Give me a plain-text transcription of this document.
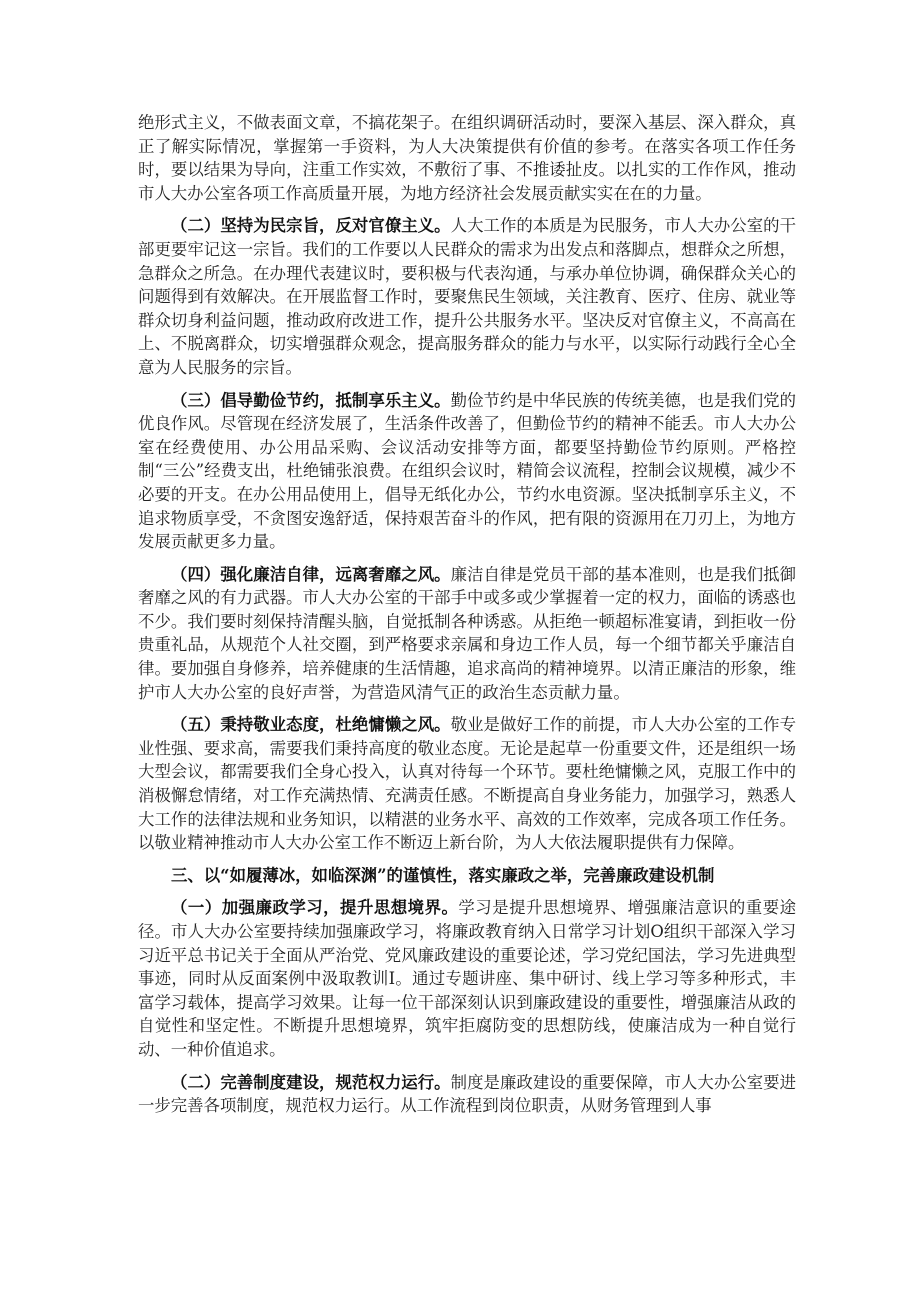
绝形式主义，不做表面文章，不搞花架子。在组织调研活动时，要深入基层、深入群众，真正了解实际情况，掌握第一手资料，为人大决策提供有价值的参考。在落实各项工作任务时，要以结果为导向，注重工作实效，不敷衍了事、不推诿扯皮。以扎实的工作作风，推动市人大办公室各项工作高质量开展，为地方经济社会发展贡献实实在在的力量。

（二）坚持为民宗旨，反对官僚主义。人大工作的本质是为民服务，市人大办公室的干部更要牢记这一宗旨。我们的工作要以人民群众的需求为出发点和落脚点，想群众之所想，急群众之所急。在办理代表建议时，要积极与代表沟通，与承办单位协调，确保群众关心的问题得到有效解决。在开展监督工作时，要聚焦民生领域，关注教育、医疗、住房、就业等群众切身利益问题，推动政府改进工作，提升公共服务水平。坚决反对官僚主义，不高高在上、不脱离群众，切实增强群众观念，提高服务群众的能力与水平，以实际行动践行全心全意为人民服务的宗旨。

（三）倡导勤俭节约，抵制享乐主义。勤俭节约是中华民族的传统美德，也是我们党的优良作风。尽管现在经济发展了，生活条件改善了，但勤俭节约的精神不能丢。市人大办公室在经费使用、办公用品采购、会议活动安排等方面，都要坚持勤俭节约原则。严格控制“三公”经费支出，杜绝铺张浪费。在组织会议时，精简会议流程，控制会议规模，减少不必要的开支。在办公用品使用上，倡导无纸化办公，节约水电资源。坚决抵制享乐主义，不追求物质享受，不贪图安逸舒适，保持艰苦奋斗的作风，把有限的资源用在刀刃上，为地方发展贡献更多力量。

（四）强化廉洁自律，远离奢靡之风。廉洁自律是党员干部的基本准则，也是我们抵御奢靡之风的有力武器。市人大办公室的干部手中或多或少掌握着一定的权力，面临的诱惑也不少。我们要时刻保持清醒头脑，自觉抵制各种诱惑。从拒绝一顿超标准宴请，到拒收一份贵重礼品，从规范个人社交圈，到严格要求亲属和身边工作人员，每一个细节都关乎廉洁自律。要加强自身修养，培养健康的生活情趣，追求高尚的精神境界。以清正廉洁的形象，维护市人大办公室的良好声誉，为营造风清气正的政治生态贡献力量。

（五）秉持敬业态度，杜绝慵懒之风。敬业是做好工作的前提，市人大办公室的工作专业性强、要求高，需要我们秉持高度的敬业态度。无论是起草一份重要文件，还是组织一场大型会议，都需要我们全身心投入，认真对待每一个环节。要杜绝慵懒之风，克服工作中的消极懈怠情绪，对工作充满热情、充满责任感。不断提高自身业务能力，加强学习，熟悉人大工作的法律法规和业务知识，以精湛的业务水平、高效的工作效率，完成各项工作任务。以敬业精神推动市人大办公室工作不断迈上新台阶，为人大依法履职提供有力保障。

三、以“如履薄冰，如临深渊”的谨慎性，落实廉政之举，完善廉政建设机制

（一）加强廉政学习，提升思想境界。学习是提升思想境界、增强廉洁意识的重要途径。市人大办公室要持续加强廉政学习，将廉政教育纳入日常学习计划O组织干部深入学习习近平总书记关于全面从严治党、党风廉政建设的重要论述，学习党纪国法，学习先进典型事迹，同时从反面案例中汲取教训I。通过专题讲座、集中研讨、线上学习等多种形式，丰富学习载体，提高学习效果。让每一位干部深刻认识到廉政建设的重要性，增强廉洁从政的自觉性和坚定性。不断提升思想境界，筑牢拒腐防变的思想防线，使廉洁成为一种自觉行动、一种价值追求。

（二）完善制度建设，规范权力运行。制度是廉政建设的重要保障，市人大办公室要进一步完善各项制度，规范权力运行。从工作流程到岗位职责，从财务管理到人事
